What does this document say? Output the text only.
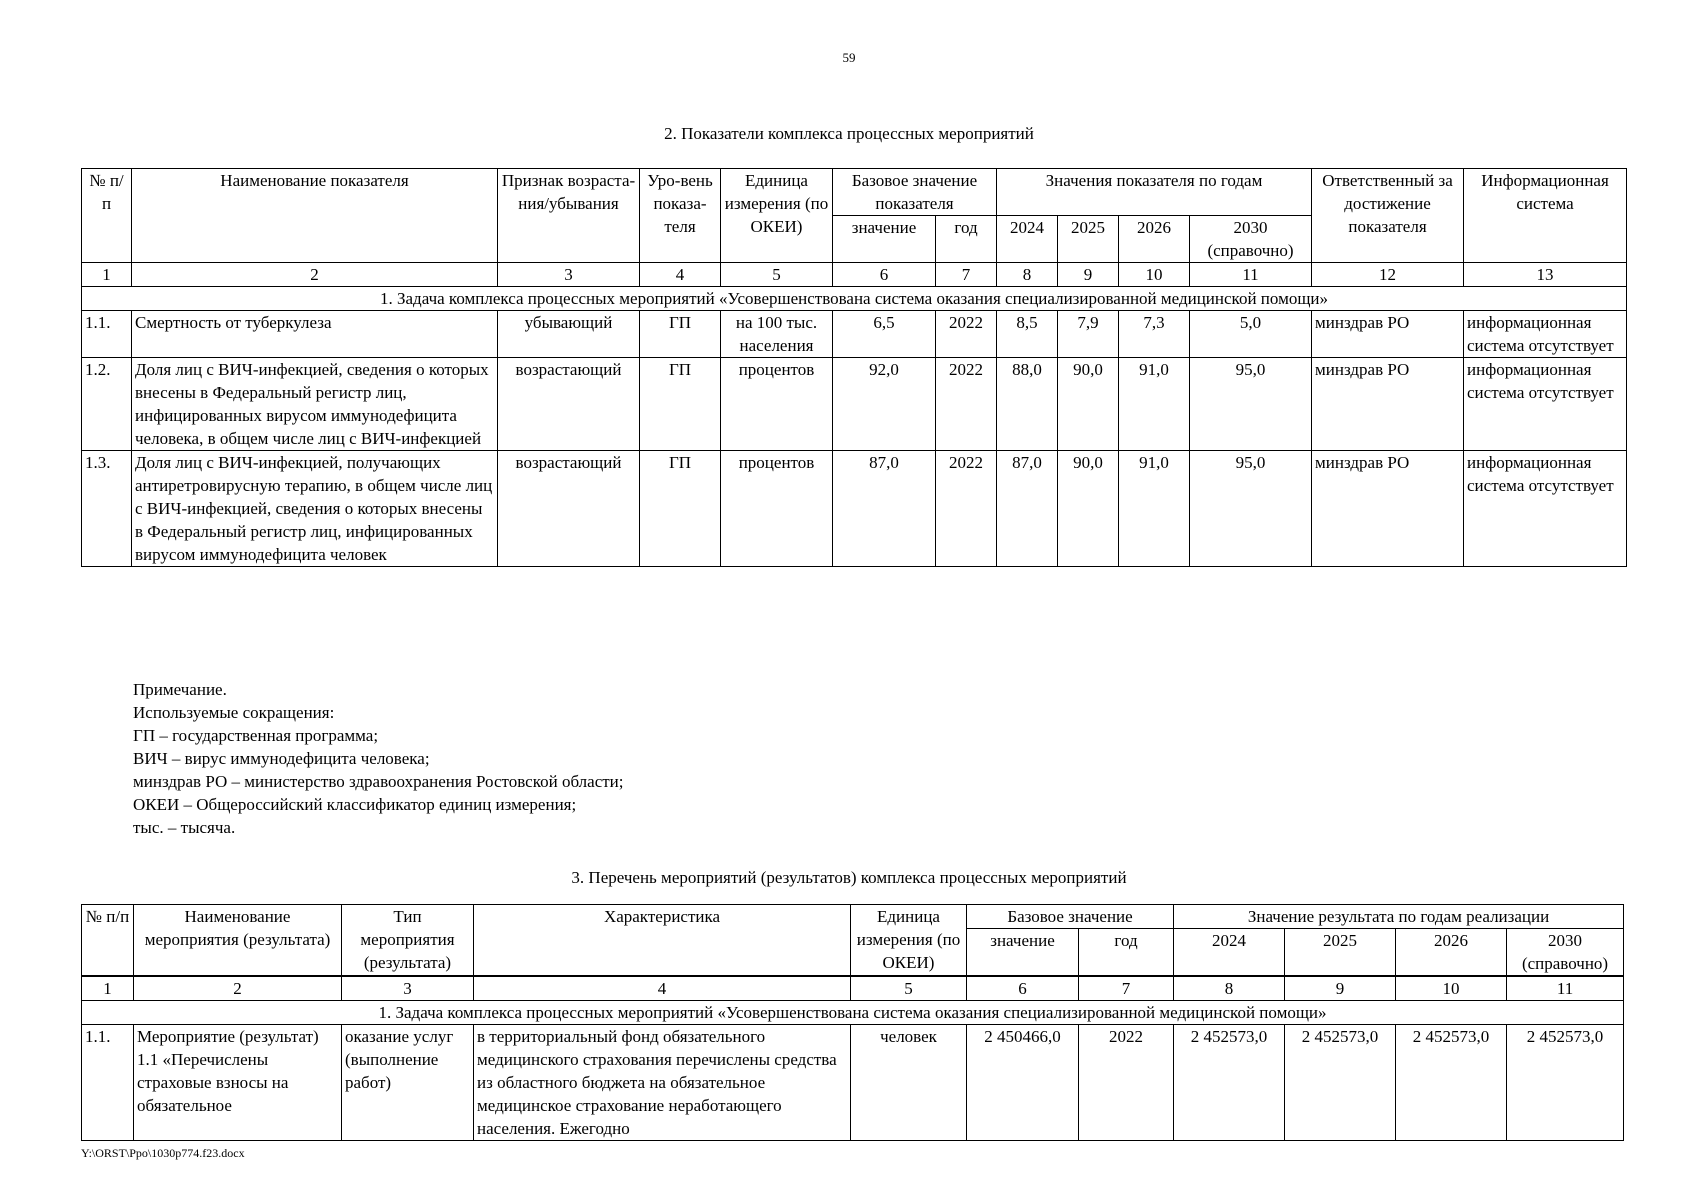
59
2. Показатели комплекса процессных мероприятий
№ п/п	Наименование показателя	Признак возраста-ния/убывания	Уро-вень показа-теля	Единица измерения (по ОКЕИ)	Базовое значение показателя		Значения показателя по годам				Ответственный за достижение показателя	Информационная система
					значение	год	2024	2025	2026	2030 (справочно)		
1	2	3	4	5	6	7	8	9	10	11	12	13
1. Задача комплекса процессных мероприятий «Усовершенствована система оказания специализированной медицинской помощи»												
1.1.	Смертность от туберкулеза	убывающий	ГП	на 100 тыс. населения	6,5	2022	8,5	7,9	7,3	5,0	минздрав РО	информационная система отсутствует
1.2.	Доля лиц с ВИЧ-инфекцией, сведения о которых внесены в Федеральный регистр лиц, инфицированных вирусом иммунодефицита человека, в общем числе лиц с ВИЧ-инфекцией	возрастающий	ГП	процентов	92,0	2022	88,0	90,0	91,0	95,0	минздрав РО	информационная система отсутствует
1.3.	Доля лиц с ВИЧ-инфекцией, получающих антиретровирусную терапию, в общем числе лиц с ВИЧ-инфекцией, сведения о которых внесены в Федеральный регистр лиц, инфицированных вирусом иммунодефицита человек	возрастающий	ГП	процентов	87,0	2022	87,0	90,0	91,0	95,0	минздрав РО	информационная система отсутствует
Примечание.
Используемые сокращения:
ГП – государственная программа;
ВИЧ – вирус иммунодефицита человека;
минздрав РО – министерство здравоохранения Ростовской области;
ОКЕИ – Общероссийский классификатор единиц измерения;
тыс. – тысяча.
3. Перечень мероприятий (результатов) комплекса процессных мероприятий
№ п/п	Наименование мероприятия (результата)	Тип мероприятия (результата)	Характеристика	Единица измерения (по ОКЕИ)	Базовое значение		Значение результата по годам реализации			
					значение	год	2024	2025	2026	2030 (справочно)
1	2	3	4	5	6	7	8	9	10	11
1. Задача комплекса процессных мероприятий «Усовершенствована система оказания специализированной медицинской помощи»										
1.1.	Мероприятие (результат) 1.1 «Перечислены страховые взносы на обязательное	оказание услуг (выполнение работ)	в территориальный фонд обязательного медицинского страхования перечислены средства из областного бюджета на обязательное медицинское страхование неработающего населения. Ежегодно	человек	2 450466,0	2022	2 452573,0	2 452573,0	2 452573,0	2 452573,0
Y:\ORST\Ppo\1030p774.f23.docx
